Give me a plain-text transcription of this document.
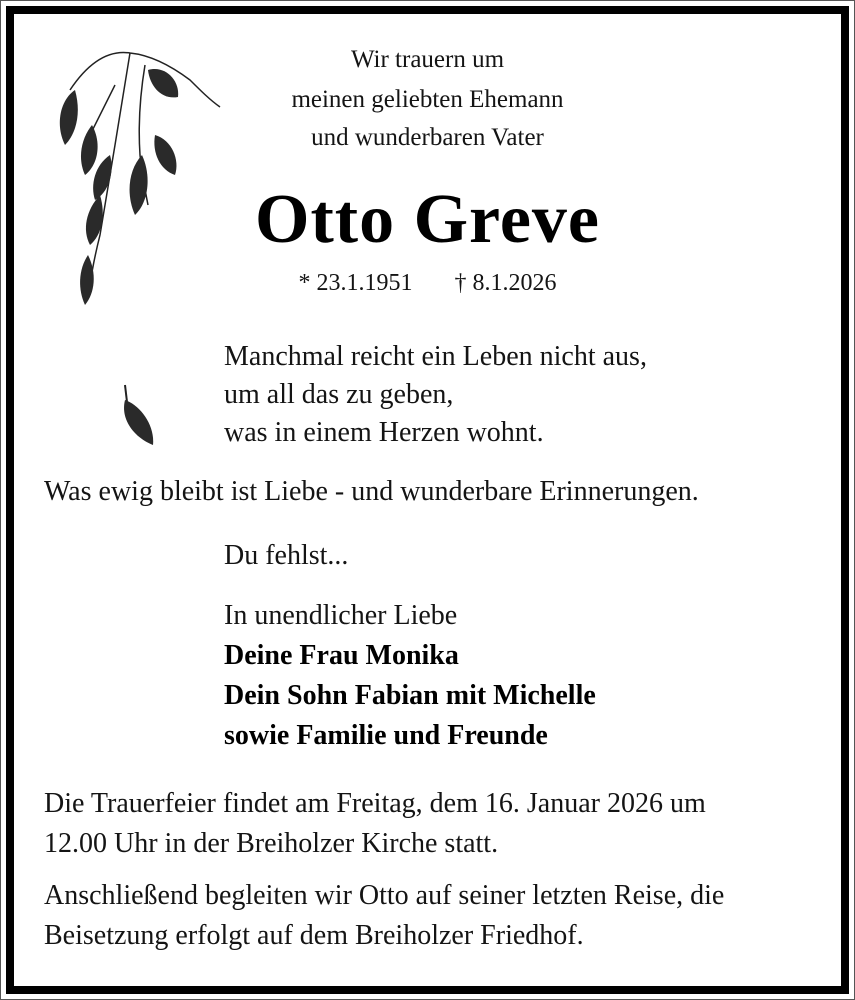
Wir trauern um
meinen geliebten Ehemann
und wunderbaren Vater
Otto Greve
* 23.1.1951 † 8.1.2026
Manchmal reicht ein Leben nicht aus,
um all das zu geben,
was in einem Herzen wohnt.
Was ewig bleibt ist Liebe - und wunderbare Erinnerungen.
Du fehlst...
In unendlicher Liebe
Deine Frau Monika
Dein Sohn Fabian mit Michelle
sowie Familie und Freunde
Die Trauerfeier findet am Freitag, dem 16. Januar 2026 um
12.00 Uhr in der Breiholzer Kirche statt.
Anschließend begleiten wir Otto auf seiner letzten Reise, die
Beisetzung erfolgt auf dem Breiholzer Friedhof.
